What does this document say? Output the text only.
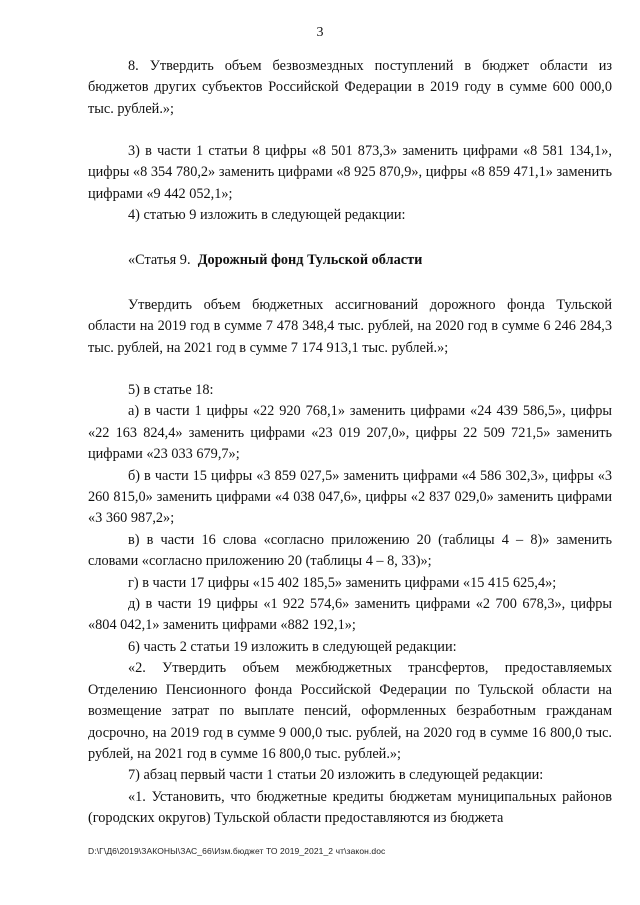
3

8. Утвердить объем безвозмездных поступлений в бюджет области из бюджетов других субъектов Российской Федерации в 2019 году в сумме 600 000,0 тыс. рублей.»;

3) в части 1 статьи 8 цифры «8 501 873,3» заменить цифрами «8 581 134,1», цифры «8 354 780,2» заменить цифрами «8 925 870,9», цифры «8 859 471,1» заменить цифрами «9 442 052,1»;

4) статью 9 изложить в следующей редакции:

«Статья 9. Дорожный фонд Тульской области

Утвердить объем бюджетных ассигнований дорожного фонда Тульской области на 2019 год в сумме 7 478 348,4 тыс. рублей, на 2020 год в сумме 6 246 284,3 тыс. рублей, на 2021 год в сумме 7 174 913,1 тыс. рублей.»;

5) в статье 18:

а) в части 1 цифры «22 920 768,1» заменить цифрами «24 439 586,5», цифры «22 163 824,4» заменить цифрами «23 019 207,0», цифры 22 509 721,5» заменить цифрами «23 033 679,7»;

б) в части 15 цифры «3 859 027,5» заменить цифрами «4 586 302,3», цифры «3 260 815,0» заменить цифрами «4 038 047,6», цифры «2 837 029,0» заменить цифрами «3 360 987,2»;

в) в части 16 слова «согласно приложению 20 (таблицы 4 – 8)» заменить словами «согласно приложению 20 (таблицы 4 – 8, 33)»;

г) в части 17 цифры «15 402 185,5» заменить цифрами «15 415 625,4»;

д) в части 19 цифры «1 922 574,6» заменить цифрами «2 700 678,3», цифры «804 042,1» заменить цифрами «882 192,1»;

6) часть 2 статьи 19 изложить в следующей редакции:

«2. Утвердить объем межбюджетных трансфертов, предоставляемых Отделению Пенсионного фонда Российской Федерации по Тульской области на возмещение затрат по выплате пенсий, оформленных безработным гражданам досрочно, на 2019 год в сумме 9 000,0 тыс. рублей, на 2020 год в сумме 16 800,0 тыс. рублей, на 2021 год в сумме 16 800,0 тыс. рублей.»;

7) абзац первый части 1 статьи 20 изложить в следующей редакции:

«1. Установить, что бюджетные кредиты бюджетам муниципальных районов (городских округов) Тульской области предоставляются из бюджета

D:\Г\Д6\2019\ЗАКОНЫ\ЗАС_66\Изм.бюджет ТО 2019_2021_2 чт\закон.doc
